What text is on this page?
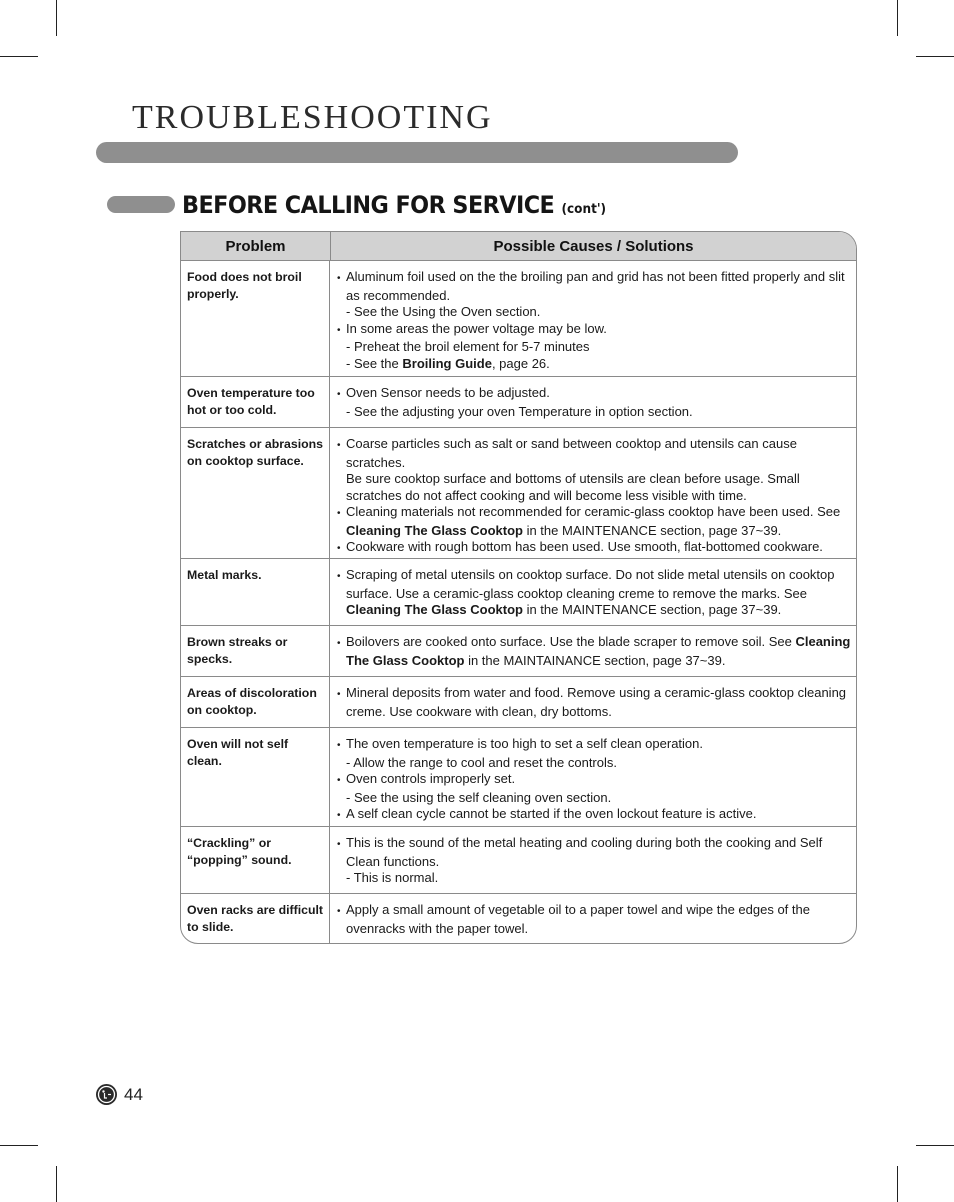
TROUBLESHOOTING
BEFORE CALLING FOR SERVICE (cont')
Problem	Possible Causes / Solutions
Food does not broil properly.
• Aluminum foil used on the the broiling pan and grid has not been fitted properly and slit as recommended.
- See the Using the Oven section.
• In some areas the power voltage may be low.
- Preheat the broil element for 5-7 minutes
- See the Broiling Guide, page 26.
Oven temperature too hot or too cold.
• Oven Sensor needs to be adjusted.
- See the adjusting your oven Temperature in option section.
Scratches or abrasions on cooktop surface.
• Coarse particles such as salt or sand between cooktop and utensils can cause scratches.
Be sure cooktop surface and bottoms of utensils are clean before usage. Small scratches do not affect cooking and will become less visible with time.
• Cleaning materials not recommended for ceramic-glass cooktop have been used. See Cleaning The Glass Cooktop in the MAINTENANCE section, page 37~39.
• Cookware with rough bottom has been used. Use smooth, flat-bottomed cookware.
Metal marks.
•	Scraping of metal utensils on cooktop surface. Do not slide metal utensils on cooktop surface. Use a ceramic-glass cooktop cleaning creme to remove the marks. See Cleaning The Glass Cooktop in the MAINTENANCE section, page 37~39.
Brown streaks or specks.
• Boilovers are cooked onto surface. Use the blade scraper to remove soil. See Cleaning The Glass Cooktop in the MAINTAINANCE section, page 37~39.
Areas of discoloration on cooktop.
• Mineral deposits from water and food. Remove using a ceramic-glass cooktop cleaning creme. Use cookware with clean, dry bottoms.
Oven will not self clean.
• The oven temperature is too high to set a self clean operation.
- Allow the range to cool and reset the controls.
• Oven controls improperly set.
- See the using the self cleaning oven section.
• A self clean cycle cannot be started if the oven lockout feature is active.
“Crackling” or “popping” sound.
• This is the sound of the metal heating and cooling during both the cooking and Self Clean functions.
- This is normal.
Oven racks are difficult to slide.
• Apply a small amount of vegetable oil to a paper towel and wipe the edges of the ovenracks with the paper towel.
44
